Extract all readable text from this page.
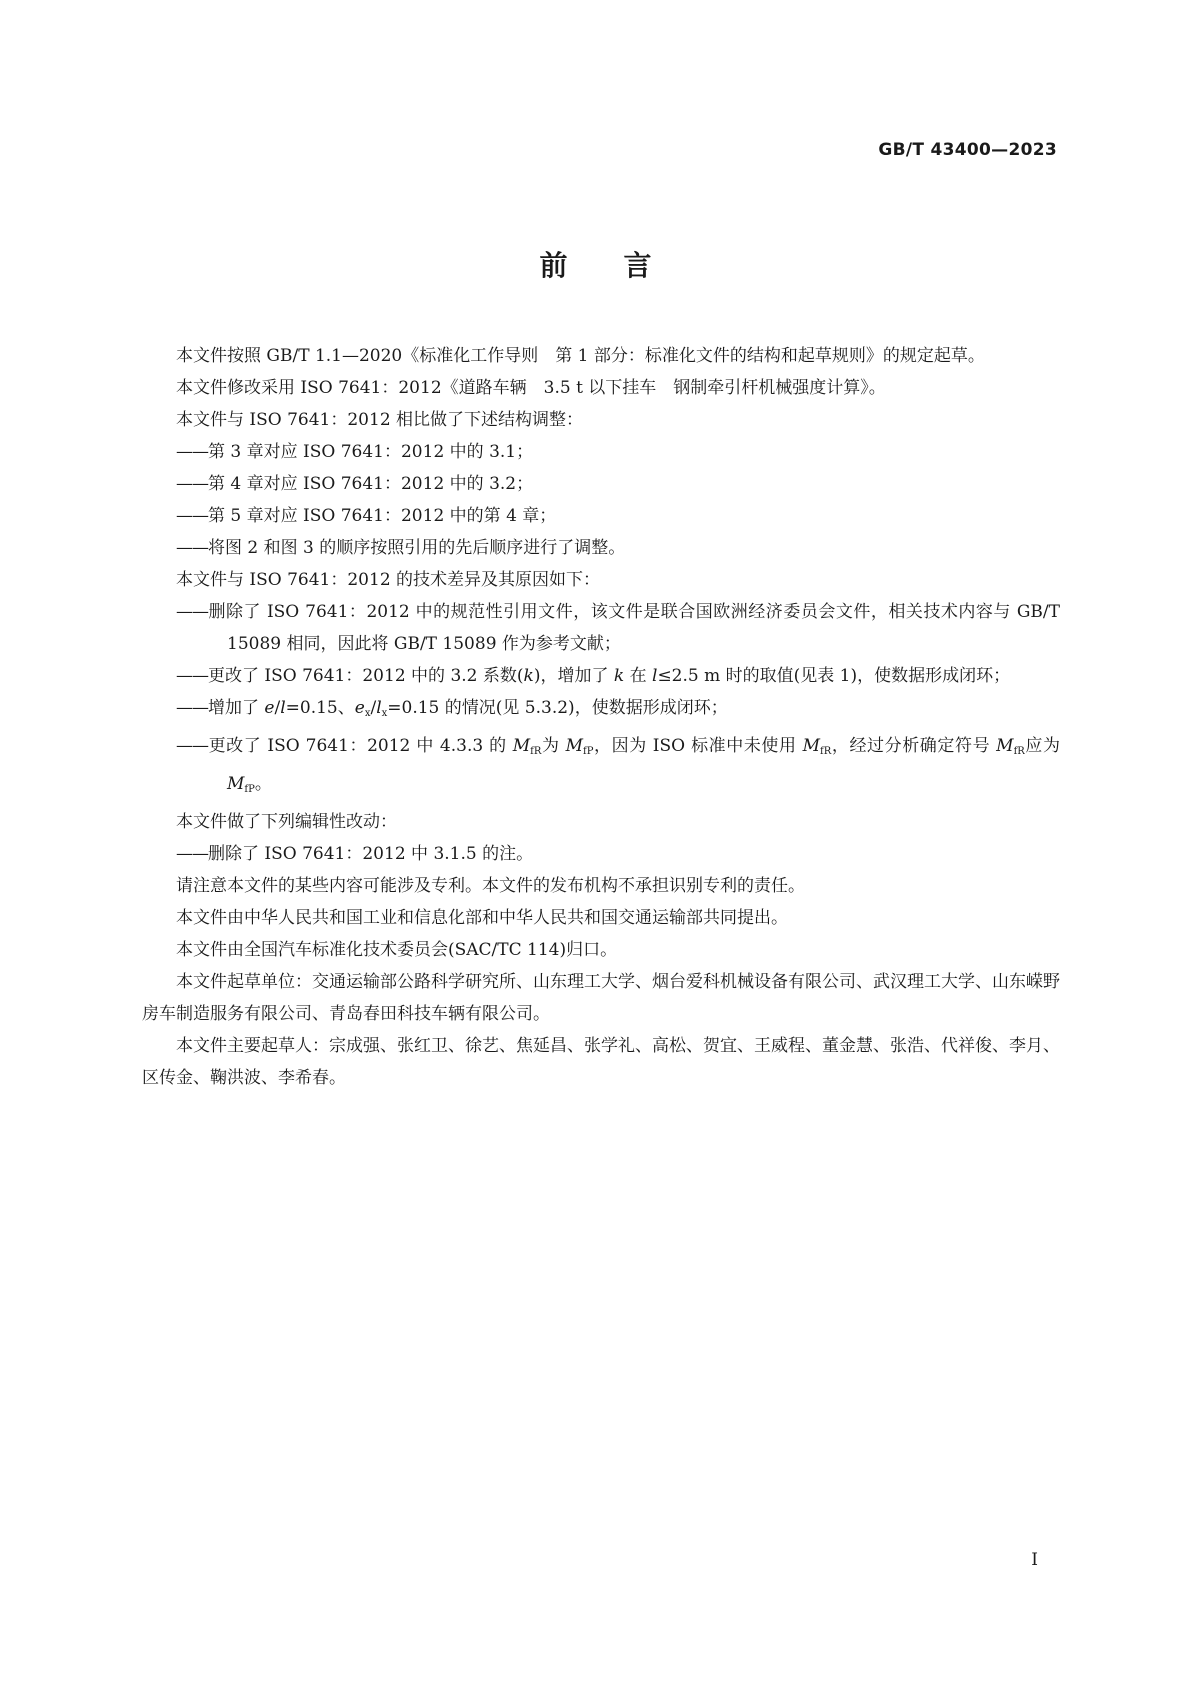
GB/T 43400—2023
前言

本文件按照 GB/T 1.1—2020《标准化工作导则　第 1 部分：标准化文件的结构和起草规则》的规定起草。

本文件修改采用 ISO 7641：2012《道路车辆　3.5 t 以下挂车　钢制牵引杆机械强度计算》。

本文件与 ISO 7641：2012 相比做了下述结构调整：

——第 3 章对应 ISO 7641：2012 中的 3.1；

——第 4 章对应 ISO 7641：2012 中的 3.2；

——第 5 章对应 ISO 7641：2012 中的第 4 章；

——将图 2 和图 3 的顺序按照引用的先后顺序进行了调整。

本文件与 ISO 7641：2012 的技术差异及其原因如下：

——删除了 ISO 7641：2012 中的规范性引用文件，该文件是联合国欧洲经济委员会文件，相关技术内容与 GB/T 15089 相同，因此将 GB/T 15089 作为参考文献；

——更改了 ISO 7641：2012 中的 3.2 系数(k)，增加了 k 在 l≤2.5 m 时的取值(见表 1)，使数据形成闭环；

——增加了 e/l=0.15、$e_x/l_x=0.15$ 的情况(见 5.3.2)，使数据形成闭环；

——更改了 ISO 7641：2012 中 4.3.3 的 $M_{fR}$为 $M_{fP}$，因为 ISO 标准中未使用 $M_{fR}$，经过分析确定符号 $M_{fR}$应为 $M_{fP}$。

本文件做了下列编辑性改动：

——删除了 ISO 7641：2012 中 3.1.5 的注。

请注意本文件的某些内容可能涉及专利。本文件的发布机构不承担识别专利的责任。

本文件由中华人民共和国工业和信息化部和中华人民共和国交通运输部共同提出。

本文件由全国汽车标准化技术委员会(SAC/TC 114)归口。

本文件起草单位：交通运输部公路科学研究所、山东理工大学、烟台爱科机械设备有限公司、武汉理工大学、山东嵘野房车制造服务有限公司、青岛春田科技车辆有限公司。

本文件主要起草人：宗成强、张红卫、徐艺、焦延昌、张学礼、高松、贺宜、王威程、董金慧、张浩、代祥俊、李月、区传金、鞠洪波、李希春。

I
